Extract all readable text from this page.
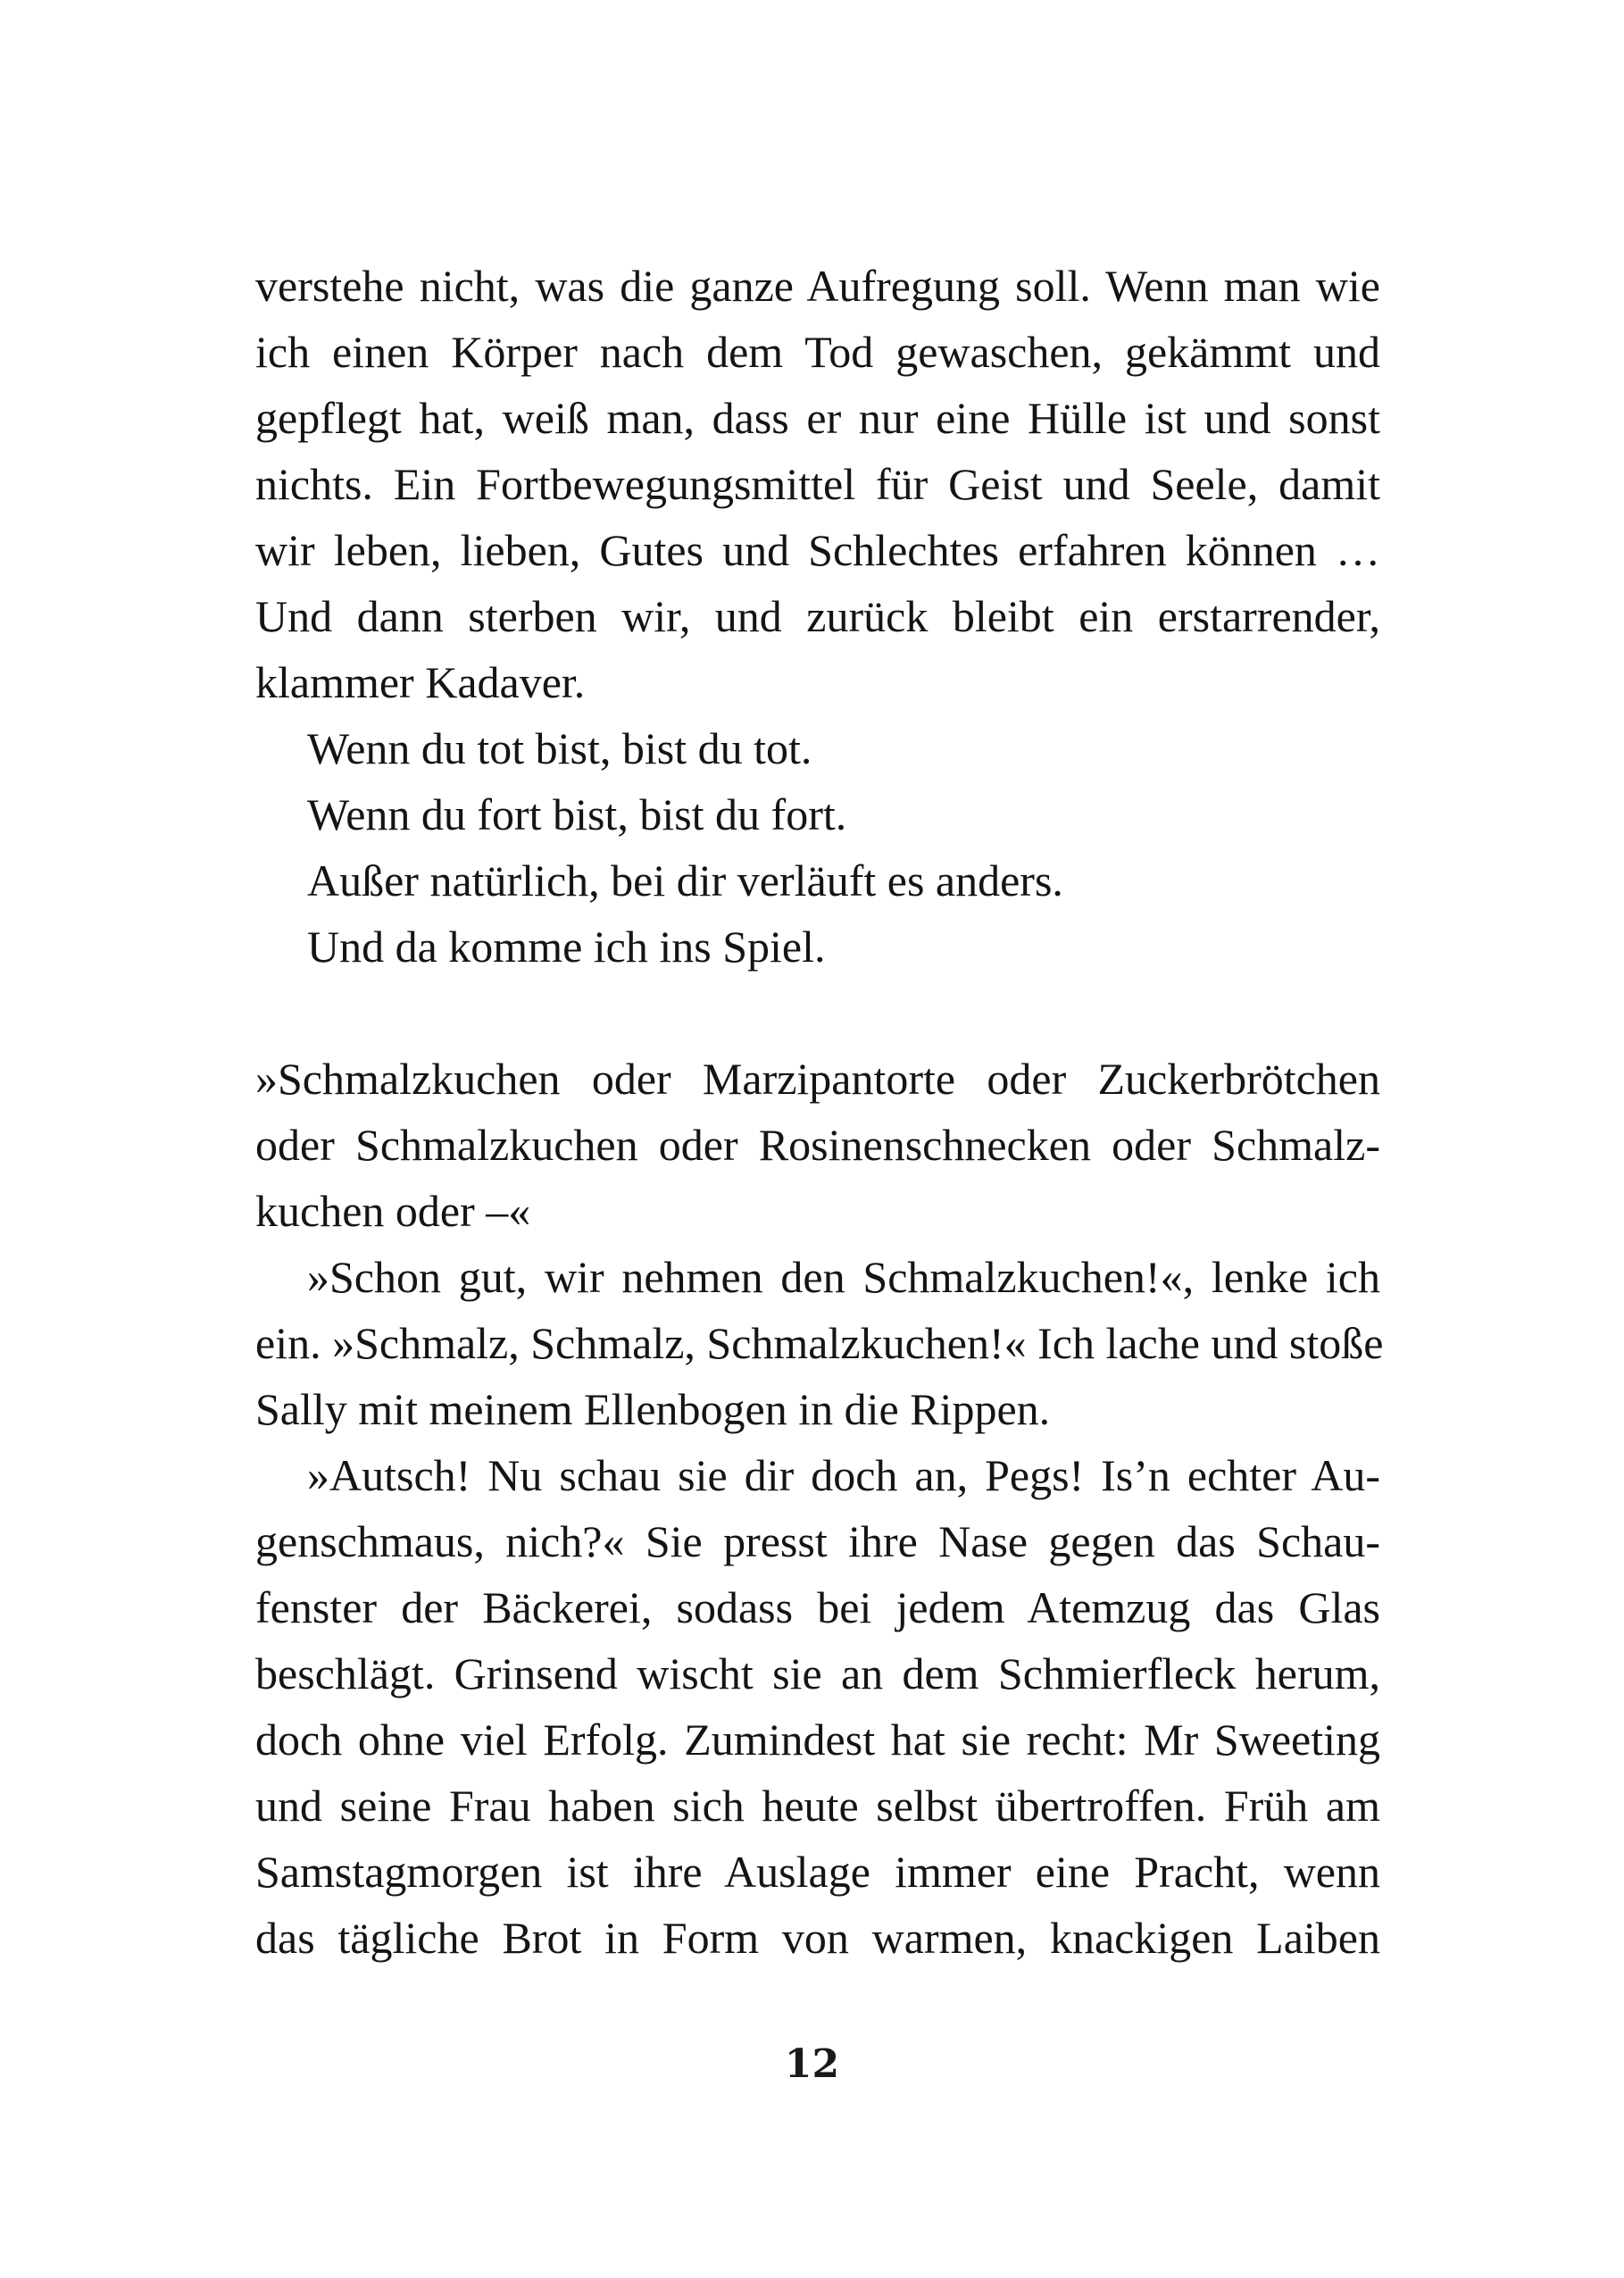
verstehe nicht, was die ganze Aufregung soll. Wenn man wie
ich einen Körper nach dem Tod gewaschen, gekämmt und
gepflegt hat, weiß man, dass er nur eine Hülle ist und sonst
nichts. Ein Fortbewegungsmittel für Geist und Seele, damit
wir leben, lieben, Gutes und Schlechtes erfahren können …
Und dann sterben wir, und zurück bleibt ein erstarrender,
klammer Kadaver.
Wenn du tot bist, bist du tot.
Wenn du fort bist, bist du fort.
Außer natürlich, bei dir verläuft es anders.
Und da komme ich ins Spiel.
»Schmalzkuchen oder Marzipantorte oder Zuckerbrötchen
oder Schmalzkuchen oder Rosinenschnecken oder Schmalz-
kuchen oder –«
»Schon gut, wir nehmen den Schmalzkuchen!«, lenke ich
ein. »Schmalz, Schmalz, Schmalzkuchen!« Ich lache und stoße
Sally mit meinem Ellenbogen in die Rippen.
»Autsch! Nu schau sie dir doch an, Pegs! Is’n echter Au-
genschmaus, nich?« Sie presst ihre Nase gegen das Schau-
fenster der Bäckerei, sodass bei jedem Atemzug das Glas
beschlägt. Grinsend wischt sie an dem Schmierfleck herum,
doch ohne viel Erfolg. Zumindest hat sie recht: Mr Sweeting
und seine Frau haben sich heute selbst übertroffen. Früh am
Samstagmorgen ist ihre Auslage immer eine Pracht, wenn
das tägliche Brot in Form von warmen, knackigen Laiben
12
